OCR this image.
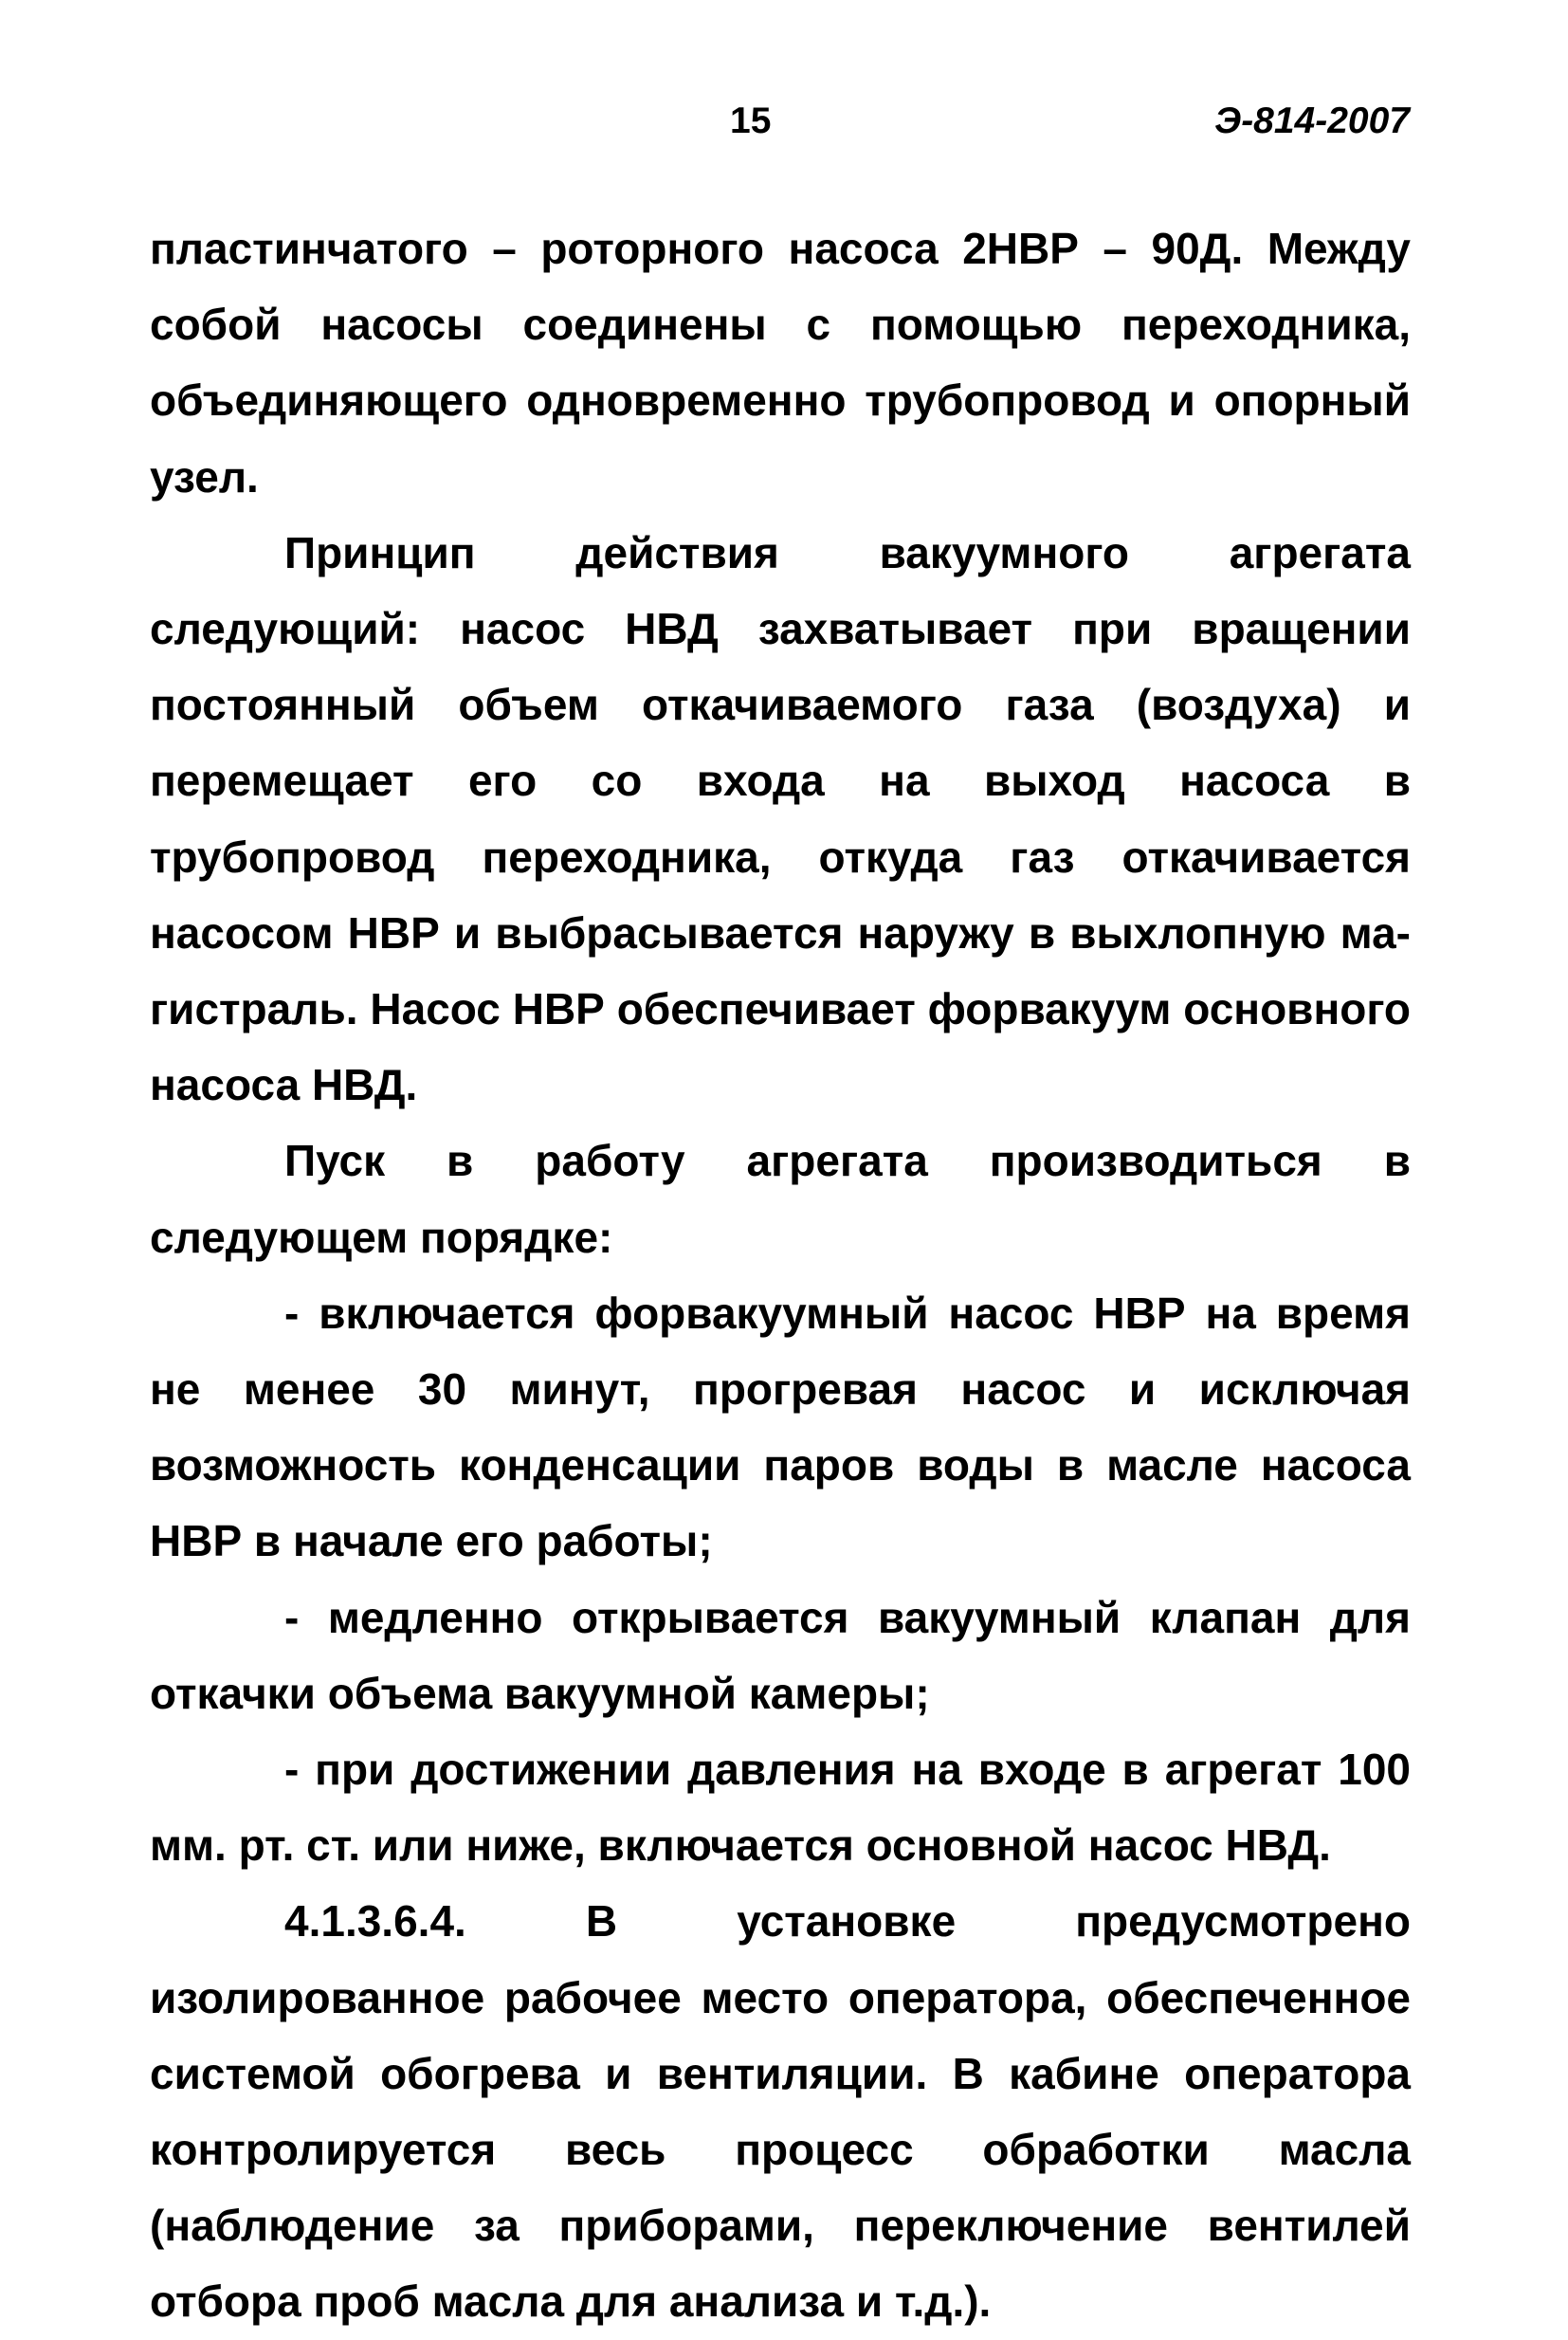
15	Э-814-2007

пластинчатого – роторного насоса 2НВР – 90Д. Между собой насосы соединены с помощью переходника, объединяющего одновременно трубопровод и опорный узел.

Принцип действия вакуумного агрегата следующий: насос НВД захватывает при вращении постоянный объем откачиваемого газа (воздуха) и перемещает его со входа на выход насоса в трубопровод переходника, откуда газ откачивается насосом НВР и выбрасывается наружу в выхлопную магистраль. Насос НВР обеспечивает форвакуум основного насоса НВД.

Пуск в работу агрегата производиться в следующем порядке:

- включается форвакуумный насос НВР на время не менее 30 минут, прогревая насос и исключая возможность конденсации паров воды в масле насоса НВР в начале его работы;

- медленно открывается вакуумный клапан для откачки объема вакуумной камеры;

- при достижении давления на входе в агрегат 100 мм. рт. ст. или ниже, включается основной насос НВД.

4.1.3.6.4. В установке предусмотрено изолированное рабочее место оператора, обеспеченное системой обогрева и вентиляции. В кабине оператора контролируется весь процесс обработки масла (наблюдение за приборами, переключение вентилей отбора проб масла для анализа и т.д.).
